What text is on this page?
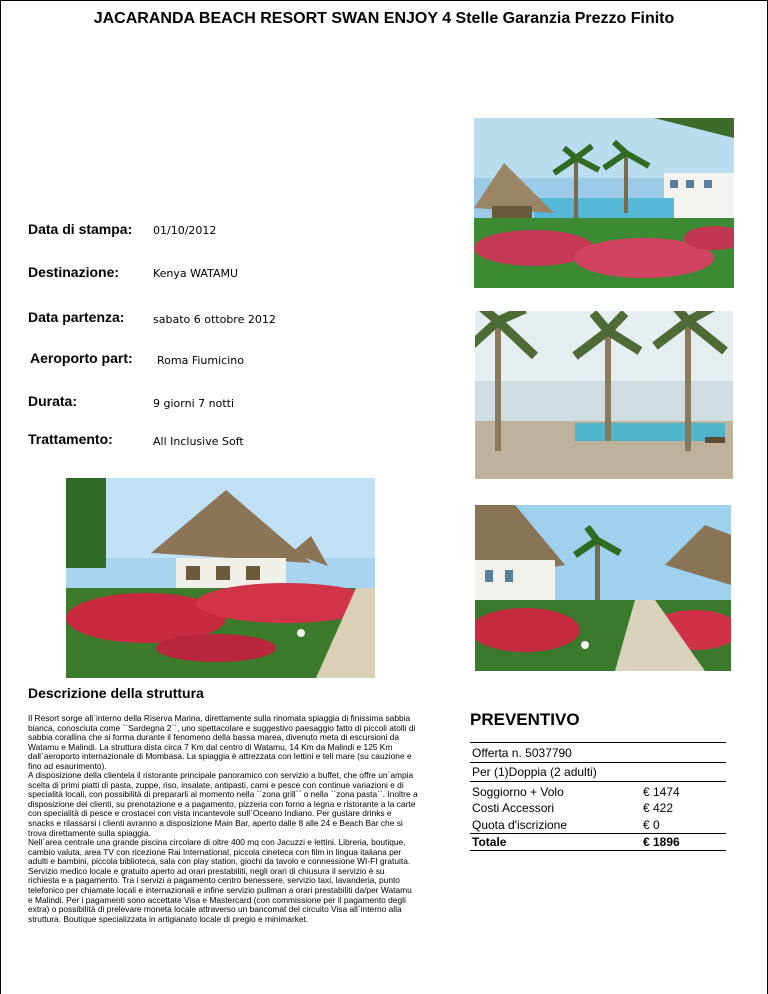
JACARANDA BEACH RESORT SWAN ENJOY 4 Stelle Garanzia Prezzo Finito
Data di stampa: 01/10/2012
Destinazione:	Kenya WATAMU
Data partenza:	sabato 6 ottobre 2012
Aeroporto part: Roma Fiumicino
Durata:	9 giorni 7 notti
Trattamento:	All Inclusive Soft
Descrizione della struttura
Il Resort sorge all`interno della Riserva Marina, direttamente sulla rinomata spiaggia di finissima sabbia bianca, conosciuta come ``Sardegna 2``, uno spettacolare e suggestivo paesaggio fatto di piccoli atolli di sabbia corallina che si forma durante il fenomeno della bassa marea, divenuto meta di escursioni da Watamu e Malindi. La struttura dista circa 7 Km dal centro di Watamu, 14 Km da Malindi e 125 Km dall`aeroporto internazionale di Mombasa. La spiaggia è attrezzata con lettini e teli mare (su cauzione e fino ad esaurimento).
A disposizione della clientela il ristorante principale panoramico con servizio a buffet, che offre un`ampia scelta di primi piatti di pasta, zuppe, riso, insalate, antipasti, carni e pesce con continue variazioni e di specialità locali, con possibilità di prepararli al momento nella ``zona grill`` o nella ``zona pasta``. Inoltre a disposizione dei clienti, su prenotazione e a pagamento, pizzeria con forno a legna e ristorante a la carte con specialità di pesce e crostacei con vista incantevole sull`Oceano Indiano. Per gustare drinks e snacks e rilassarsi i clienti avranno a disposizione Main Bar, aperto dalle 8 alle 24 e Beach Bar che si trova direttamente sulla spiaggia.
Nell`area centrale una grande piscina circolare di oltre 400 mq con Jacuzzi e lettini. Libreria, boutique, cambio valuta, area TV con ricezione Rai International, piccola cineteca con film in lingua italiana per adulti e bambini, piccola biblioteca, sala con play station, giochi da tavolo e connessione WI-FI gratuita. Servizio medico locale e gratuito aperto ad orari prestabiliti, negli orari di chiusura il servizio è su richiesta e a pagamento. Tra i servizi a pagamento centro benessere, servizio taxi, lavanderia, punto telefonico per chiamate locali e internazionali e infine servizio pullman a orari prestabiliti da/per Watamu e Malindi. Per i pagamenti sono accettate Visa e Mastercard (con commissione per il pagamento degli extra) o possibilità di prelevare moneta locale attraverso un bancomat del circuito Visa all`interno alla struttura. Boutique specializzata in artigianato locale di pregio e minimarket.
PREVENTIVO
Offerta n. 5037790
Per (1)Doppia (2 adulti)
Soggiorno + Volo	€ 1474
Costi Accessori	€ 422
Quota d'iscrizione	€ 0
Totale	€ 1896
